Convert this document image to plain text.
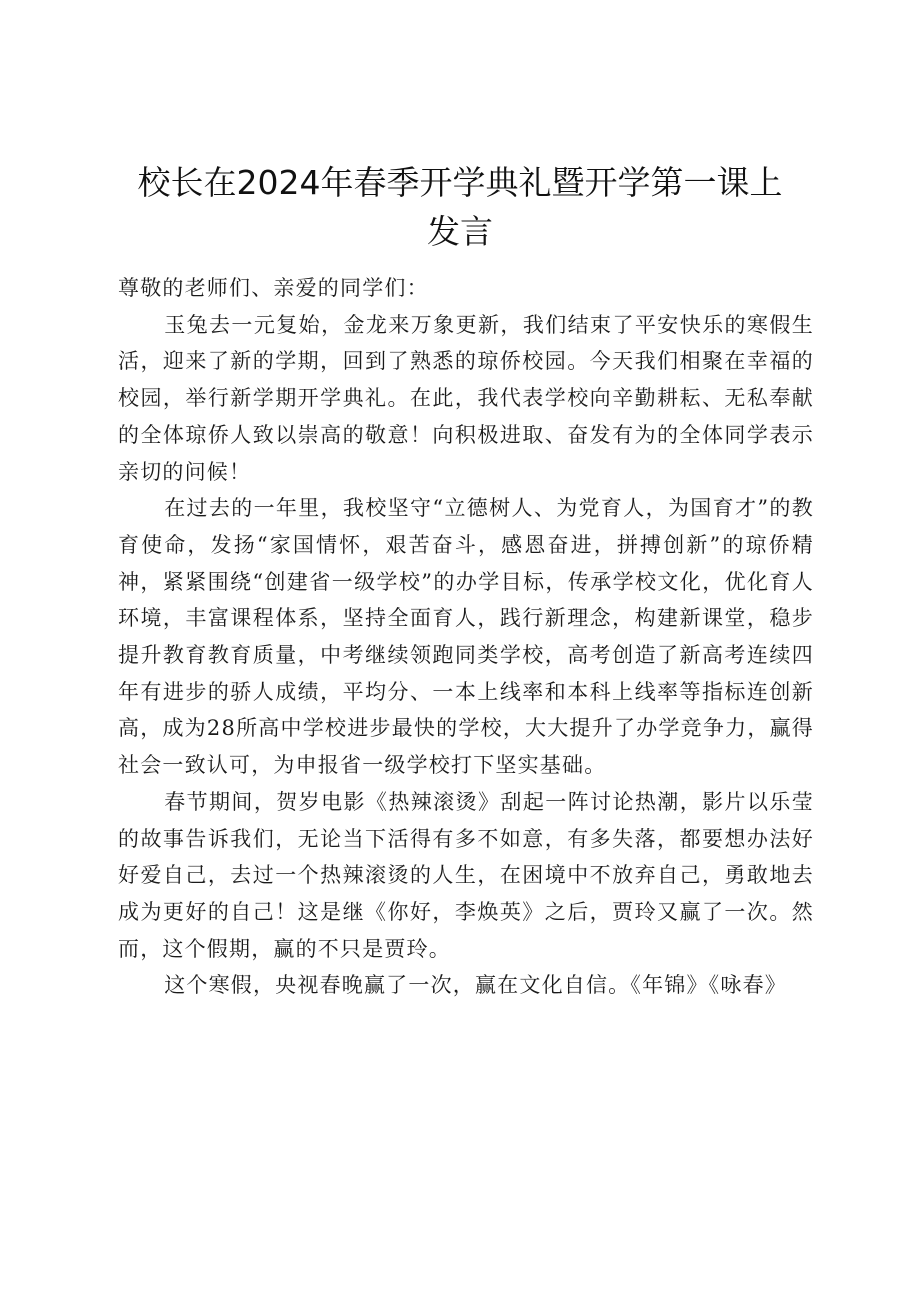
校长在2024年春季开学典礼暨开学第一课上
发言
尊敬的老师们、亲爱的同学们：

玉兔去一元复始，金龙来万象更新，我们结束了平安快乐的寒假生活，迎来了新的学期，回到了熟悉的琼侨校园。今天我们相聚在幸福的校园，举行新学期开学典礼。在此，我代表学校向辛勤耕耘、无私奉献的全体琼侨人致以崇高的敬意！向积极进取、奋发有为的全体同学表示亲切的问候！

在过去的一年里，我校坚守“立德树人、为党育人，为国育才”的教育使命，发扬“家国情怀，艰苦奋斗，感恩奋进，拼搏创新”的琼侨精神，紧紧围绕“创建省一级学校”的办学目标，传承学校文化，优化育人环境，丰富课程体系，坚持全面育人，践行新理念，构建新课堂，稳步提升教育教育质量，中考继续领跑同类学校，高考创造了新高考连续四年有进步的骄人成绩，平均分、一本上线率和本科上线率等指标连创新高，成为28所高中学校进步最快的学校，大大提升了办学竞争力，赢得社会一致认可，为申报省一级学校打下坚实基础。

春节期间，贺岁电影《热辣滚烫》刮起一阵讨论热潮，影片以乐莹的故事告诉我们，无论当下活得有多不如意，有多失落，都要想办法好好爱自己，去过一个热辣滚烫的人生，在困境中不放弃自己，勇敢地去成为更好的自己！这是继《你好，李焕英》之后，贾玲又赢了一次。然而，这个假期，赢的不只是贾玲。

这个寒假，央视春晚赢了一次，赢在文化自信。《年锦》《咏春》
